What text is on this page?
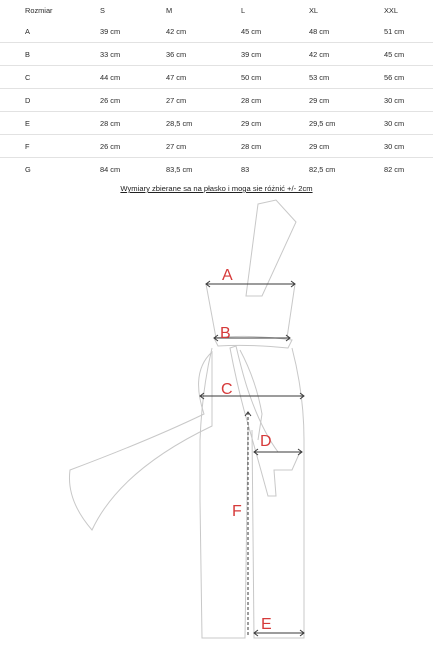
Rozmiar	S	M	L	XL	XXL
A	39 cm	42 cm	45 cm	48 cm	51 cm
B	33 cm	36 cm	39 cm	42 cm	45 cm
C	44 cm	47 cm	50 cm	53 cm	56 cm
D	26 cm	27 cm	28 cm	29 cm	30 cm
E	28 cm	28,5 cm	29 cm	29,5 cm	30 cm
F	26 cm	27 cm	28 cm	29 cm	30 cm
G	84 cm	83,5 cm	83	82,5 cm	82 cm
Wymiary zbierane sa na płasko i moga sie różnić +/- 2cm
A
B
C
D
F
E
